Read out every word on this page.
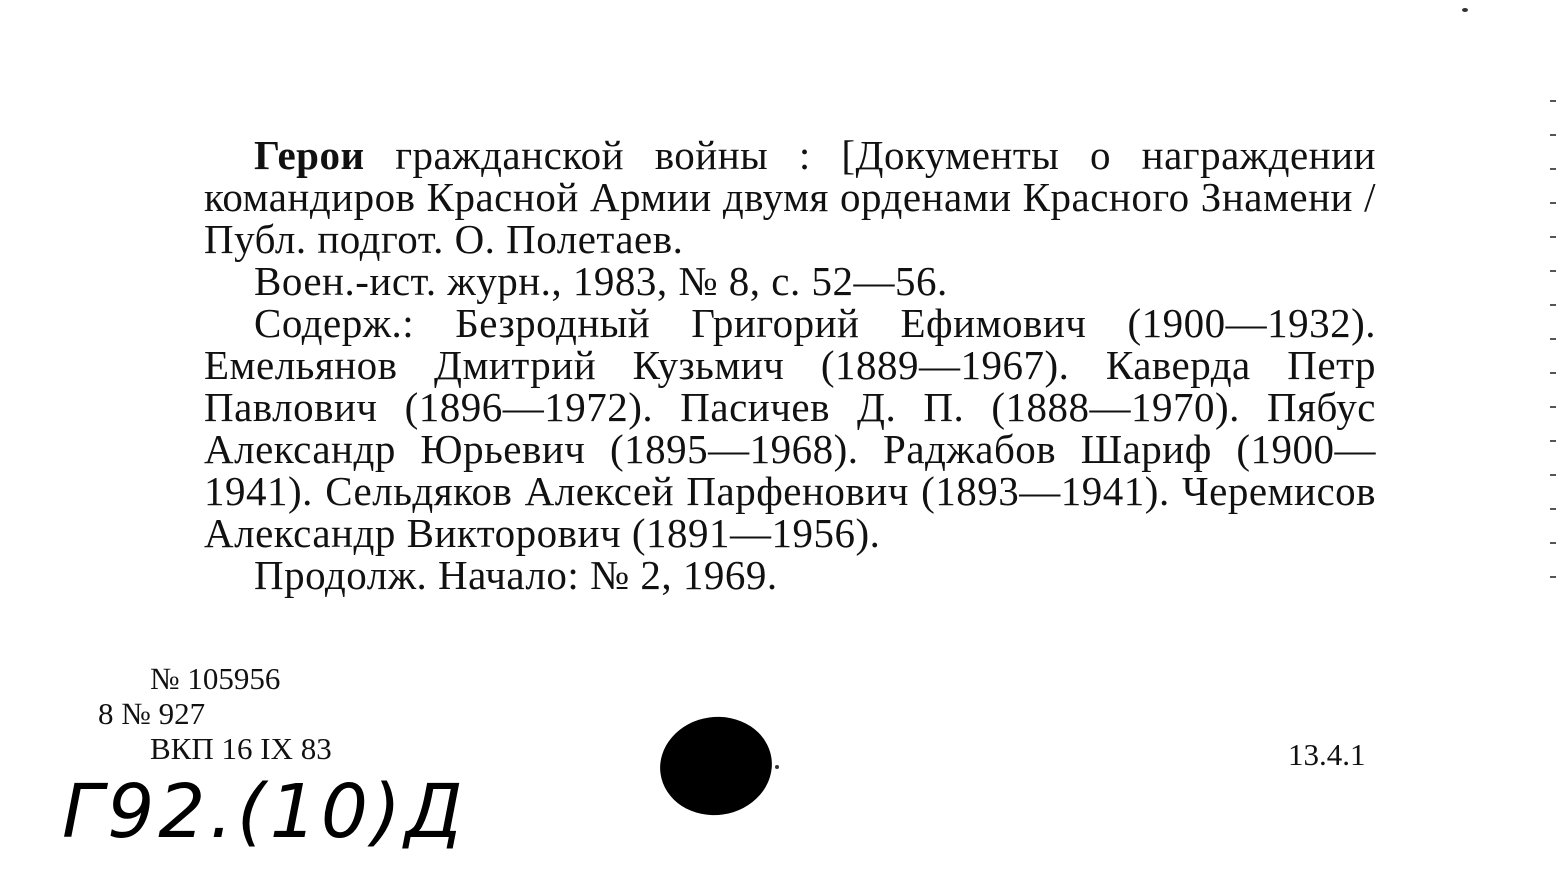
Герои гражданской войны : [Документы о награждении командиров Красной Армии двумя орденами Красного Знамени / Публ. подгот. О. Полетаев.

Воен.-ист. журн., 1983, № 8, с. 52—56.

Содерж.: Безродный Григорий Ефимович (1900—1932). Емельянов Дмитрий Кузьмич (1889—1967). Каверда Петр Павлович (1896—1972). Пасичев Д. П. (1888—1970). Пябус Александр Юрьевич (1895—1968). Раджабов Шариф (1900—1941). Сельдяков Алексей Парфенович (1893—1941). Черемисов Александр Викторович (1891—1956).

Продолж. Начало: № 2, 1969.

№ 105956
8 № 927
ВКП 16 IX 83	13.4.1
Г92.(10)Д
